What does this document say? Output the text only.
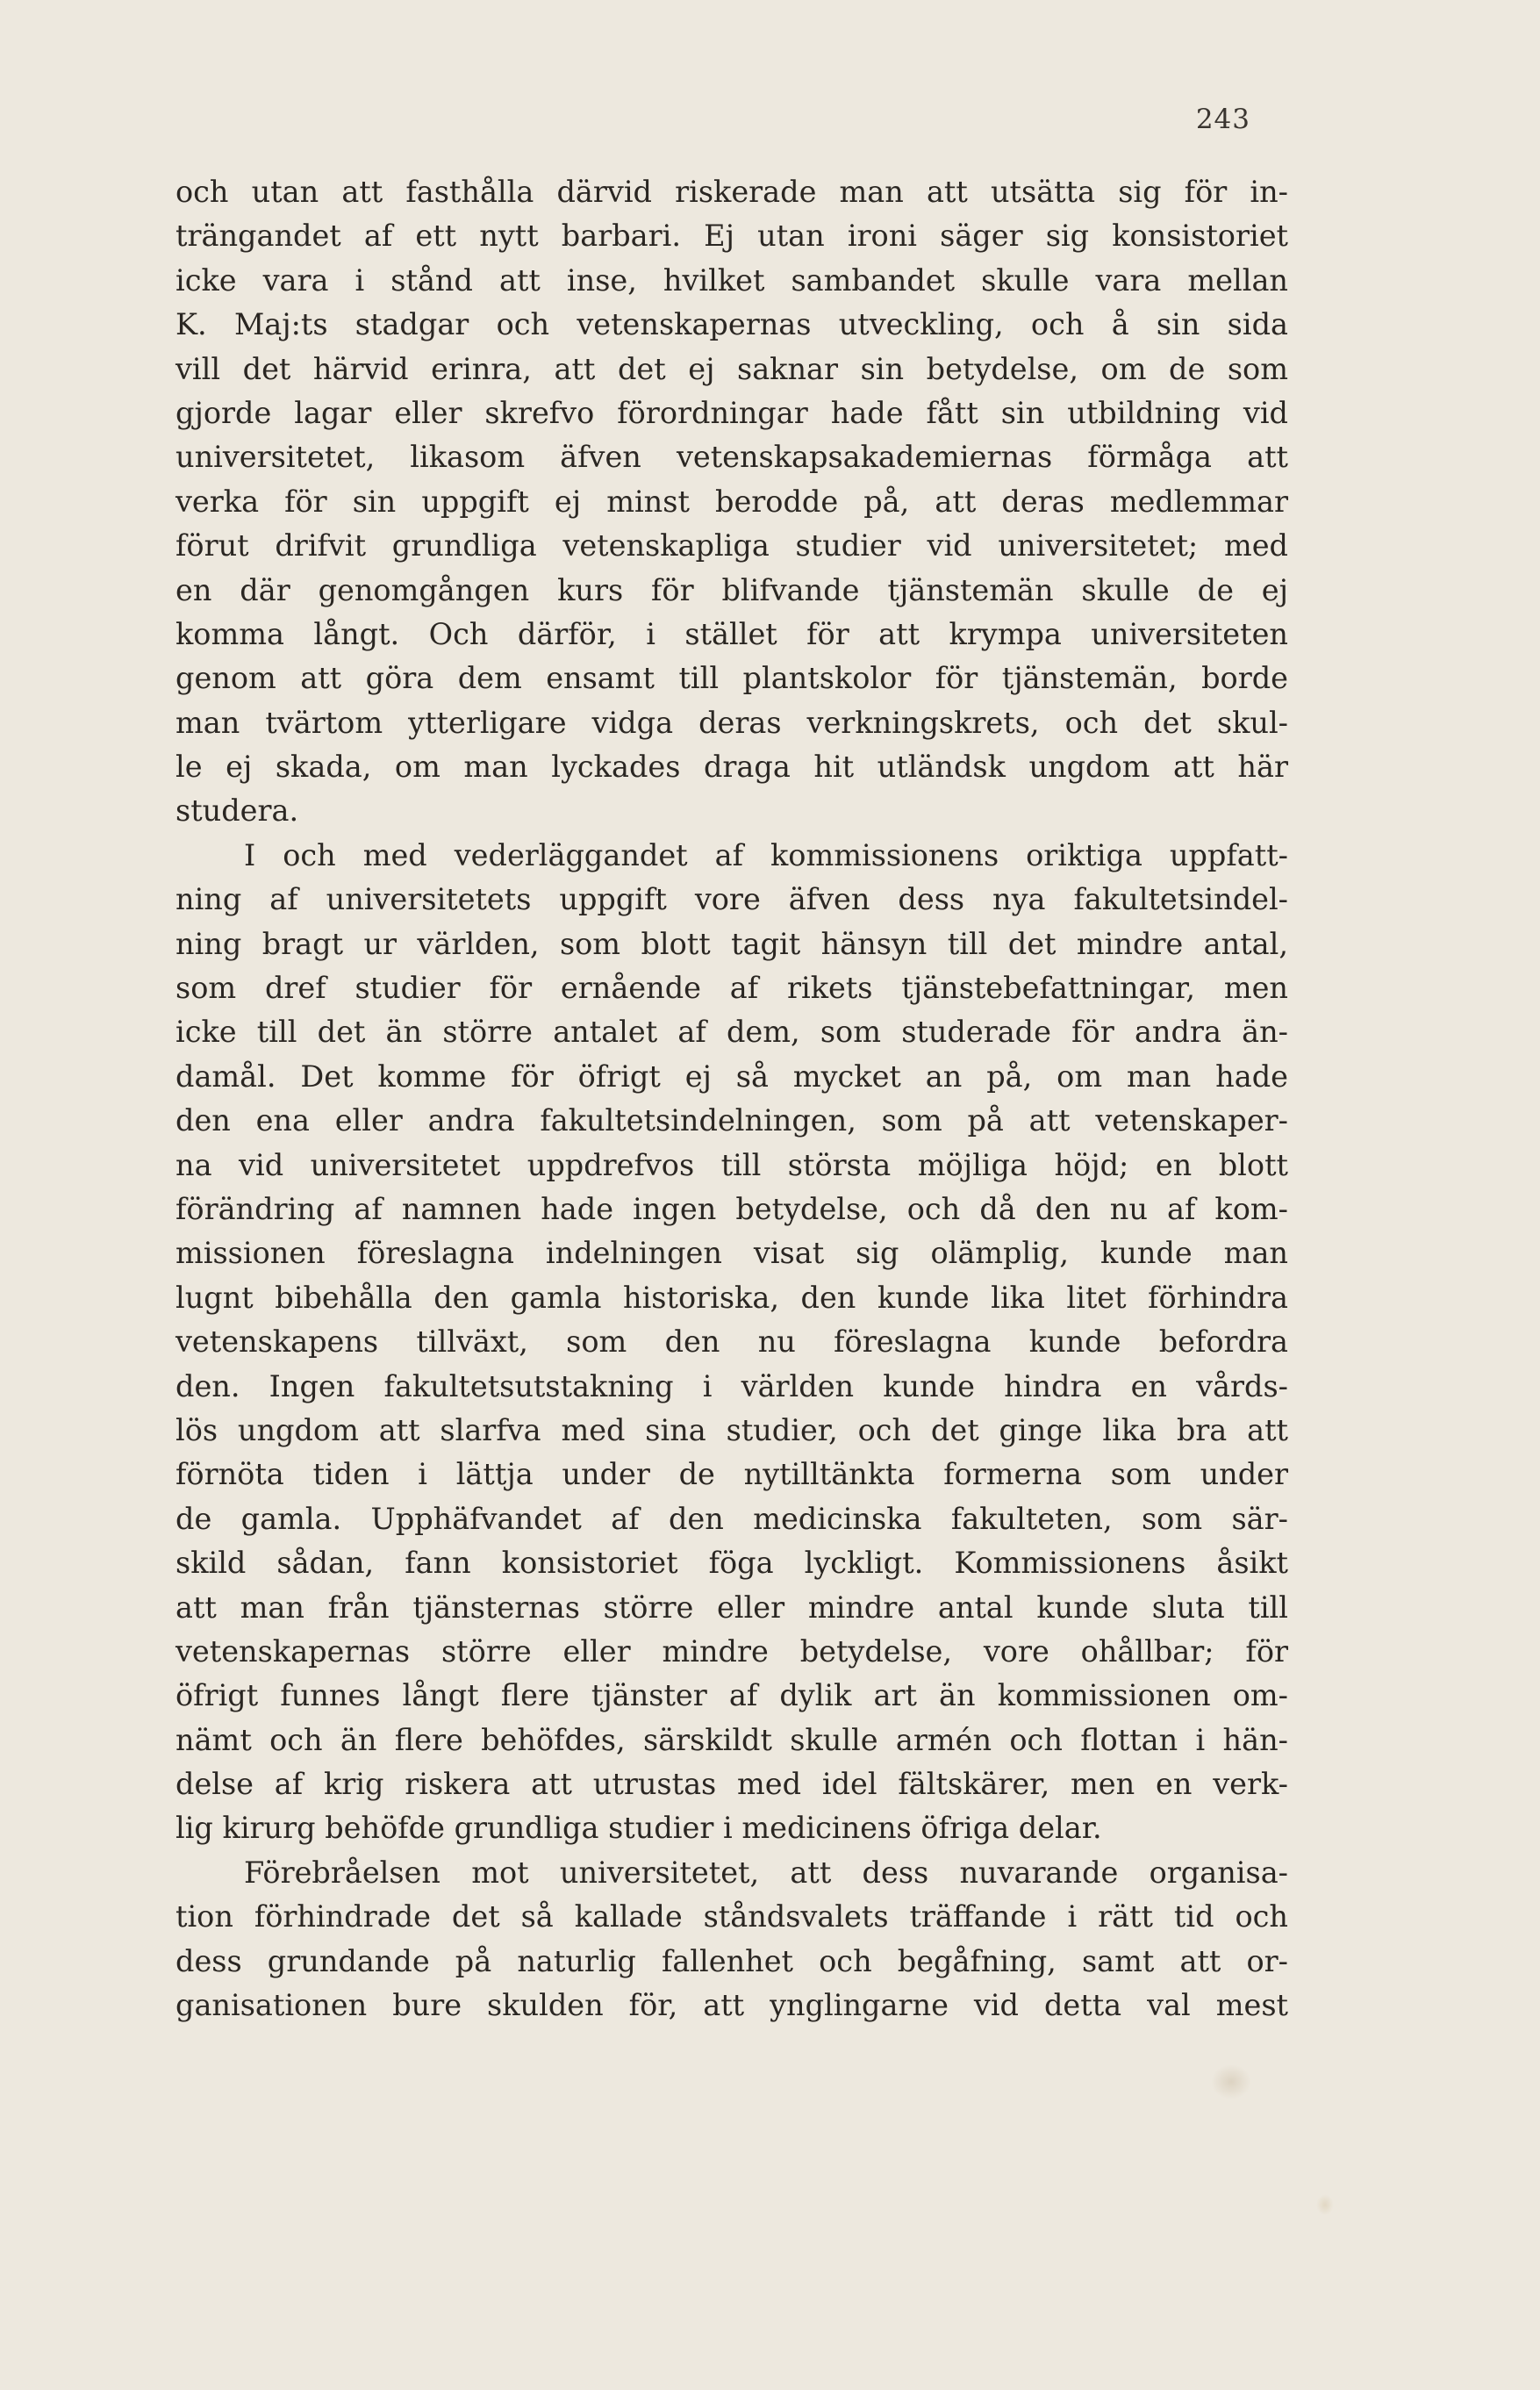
243
och utan att fasthålla därvid riskerade man att utsätta sig för in-
trängandet af ett nytt barbari. Ej utan ironi säger sig konsistoriet
icke vara i stånd att inse, hvilket sambandet skulle vara mellan
K. Maj:ts stadgar och vetenskapernas utveckling, och å sin sida
vill det härvid erinra, att det ej saknar sin betydelse, om de som
gjorde lagar eller skrefvo förordningar hade fått sin utbildning vid
universitetet, likasom äfven vetenskapsakademiernas förmåga att
verka för sin uppgift ej minst berodde på, att deras medlemmar
förut drifvit grundliga vetenskapliga studier vid universitetet; med
en där genomgången kurs för blifvande tjänstemän skulle de ej
komma långt. Och därför, i stället för att krympa universiteten
genom att göra dem ensamt till plantskolor för tjänstemän, borde
man tvärtom ytterligare vidga deras verkningskrets, och det skul-
le ej skada, om man lyckades draga hit utländsk ungdom att här
studera.
I och med vederläggandet af kommissionens oriktiga uppfatt-
ning af universitetets uppgift vore äfven dess nya fakultetsindel-
ning bragt ur världen, som blott tagit hänsyn till det mindre antal,
som dref studier för ernående af rikets tjänstebefattningar, men
icke till det än större antalet af dem, som studerade för andra än-
damål. Det komme för öfrigt ej så mycket an på, om man hade
den ena eller andra fakultetsindelningen, som på att vetenskaper-
na vid universitetet uppdrefvos till största möjliga höjd; en blott
förändring af namnen hade ingen betydelse, och då den nu af kom-
missionen föreslagna indelningen visat sig olämplig, kunde man
lugnt bibehålla den gamla historiska, den kunde lika litet förhindra
vetenskapens tillväxt, som den nu föreslagna kunde befordra
den. Ingen fakultetsutstakning i världen kunde hindra en vårds-
lös ungdom att slarfva med sina studier, och det ginge lika bra att
förnöta tiden i lättja under de nytilltänkta formerna som under
de gamla. Upphäfvandet af den medicinska fakulteten, som sär-
skild sådan, fann konsistoriet föga lyckligt. Kommissionens åsikt
att man från tjänsternas större eller mindre antal kunde sluta till
vetenskapernas större eller mindre betydelse, vore ohållbar; för
öfrigt funnes långt flere tjänster af dylik art än kommissionen om-
nämt och än flere behöfdes, särskildt skulle armén och flottan i hän-
delse af krig riskera att utrustas med idel fältskärer, men en verk-
lig kirurg behöfde grundliga studier i medicinens öfriga delar.
Förebråelsen mot universitetet, att dess nuvarande organisa-
tion förhindrade det så kallade ståndsvalets träffande i rätt tid och
dess grundande på naturlig fallenhet och begåfning, samt att or-
ganisationen bure skulden för, att ynglingarne vid detta val mest
